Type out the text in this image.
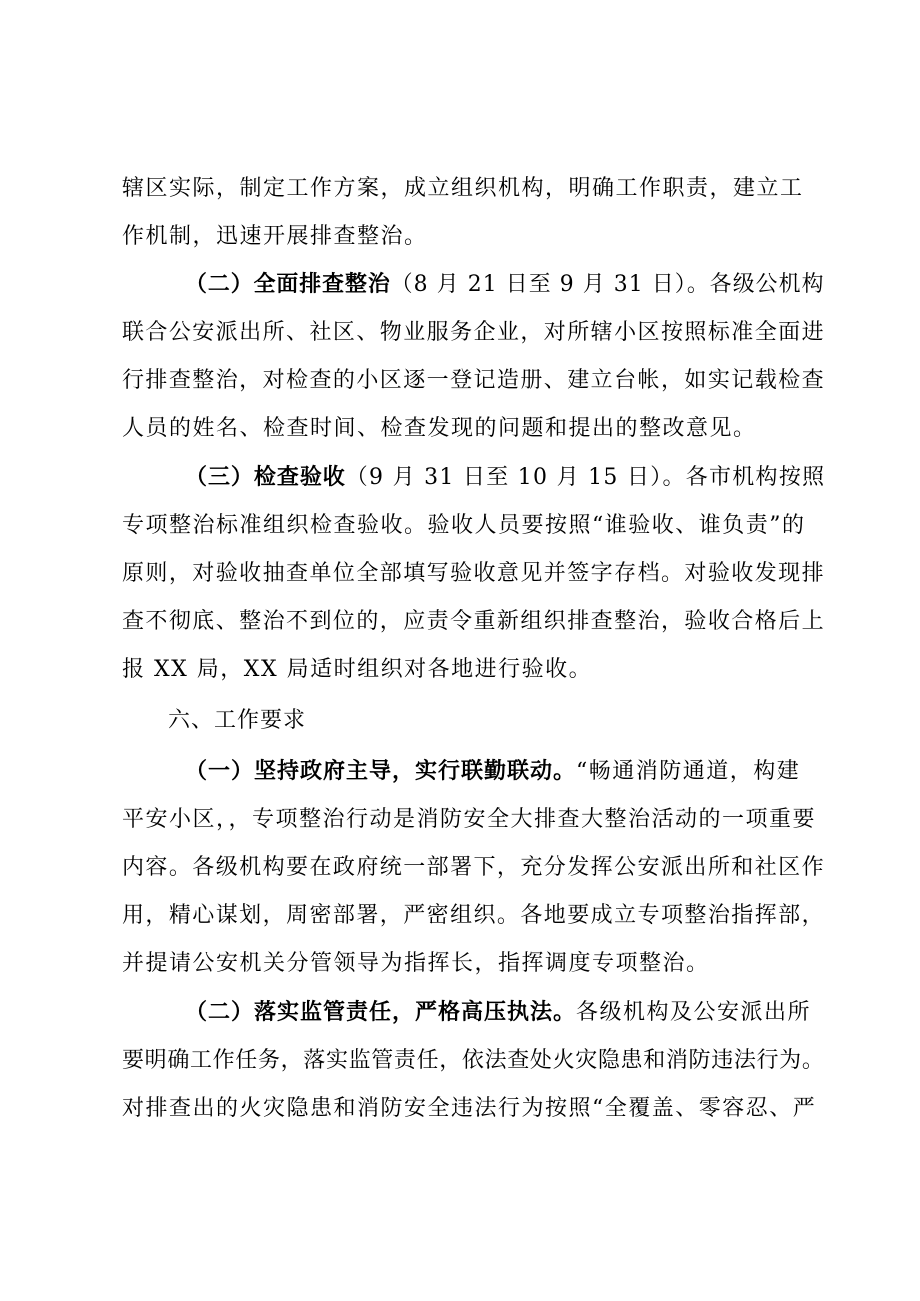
辖区实际，制定工作方案，成立组织机构，明确工作职责，建立工
作机制，迅速开展排查整治。
（二）全面排查整治（8 月 21 日至 9 月 31 日）。各级公机构
联合公安派出所、社区、物业服务企业，对所辖小区按照标准全面进
行排查整治，对检查的小区逐一登记造册、建立台帐，如实记载检查
人员的姓名、检查时间、检查发现的问题和提出的整改意见。
（三）检查验收（9 月 31 日至 10 月 15 日）。各市机构按照
专项整治标准组织检查验收。验收人员要按照“谁验收、谁负责”的
原则，对验收抽查单位全部填写验收意见并签字存档。对验收发现排
查不彻底、整治不到位的，应责令重新组织排查整治，验收合格后上
报 XX 局，XX 局适时组织对各地进行验收。
六、工作要求
（一）坚持政府主导，实行联勤联动。“畅通消防通道，构建
平安小区，，专项整治行动是消防安全大排查大整治活动的一项重要
内容。各级机构要在政府统一部署下，充分发挥公安派出所和社区作
用，精心谋划，周密部署，严密组织。各地要成立专项整治指挥部，
并提请公安机关分管领导为指挥长，指挥调度专项整治。
（二）落实监管责任，严格高压执法。各级机构及公安派出所
要明确工作任务，落实监管责任，依法查处火灾隐患和消防违法行为。
对排查出的火灾隐患和消防安全违法行为按照“全覆盖、零容忍、严
